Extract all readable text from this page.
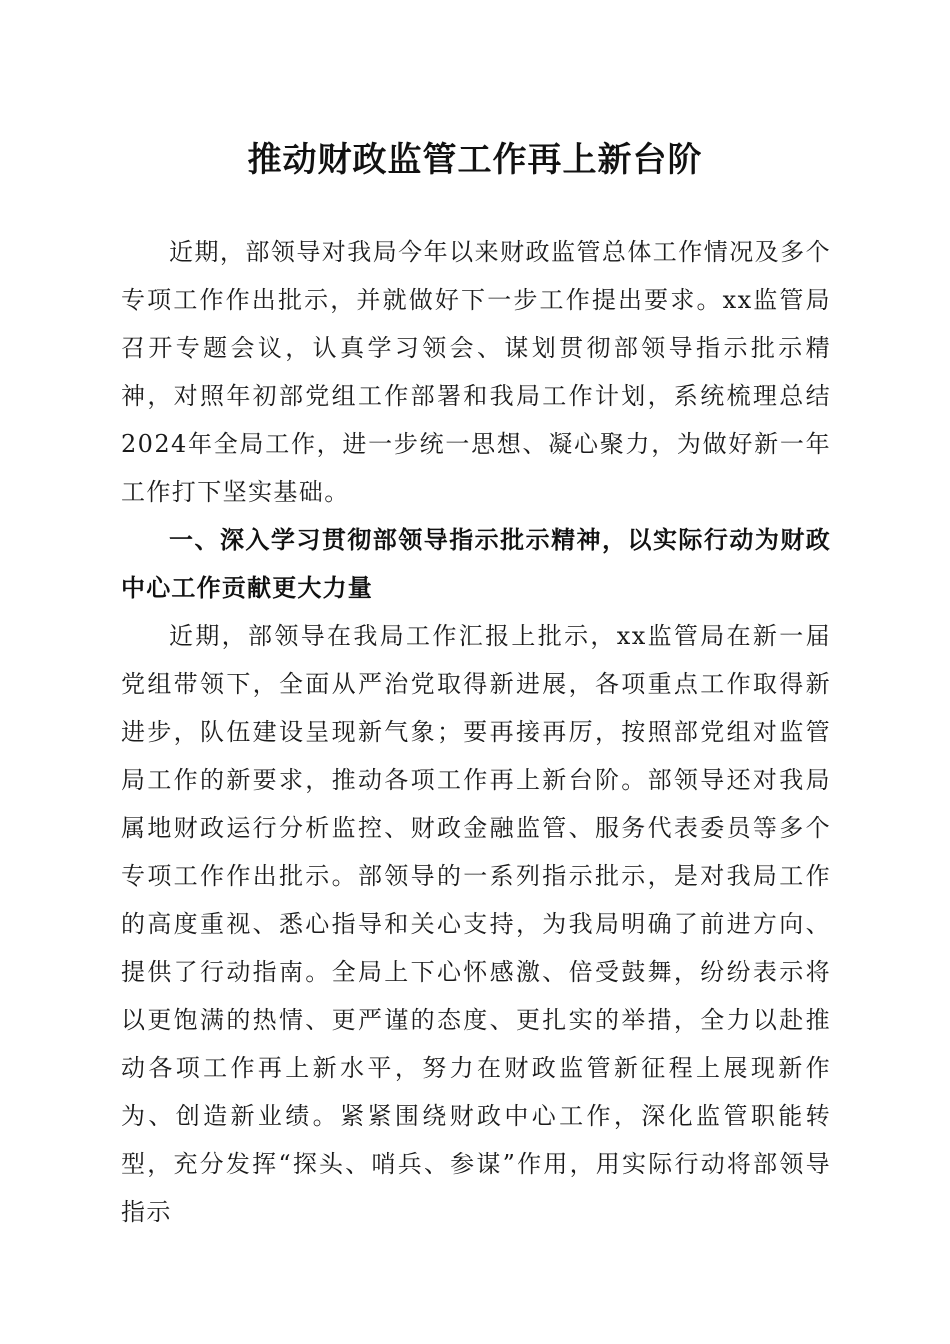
推动财政监管工作再上新台阶

近期，部领导对我局今年以来财政监管总体工作情况及多个专项工作作出批示，并就做好下一步工作提出要求。xx监管局召开专题会议，认真学习领会、谋划贯彻部领导指示批示精神，对照年初部党组工作部署和我局工作计划，系统梳理总结2024年全局工作，进一步统一思想、凝心聚力，为做好新一年工作打下坚实基础。

一、深入学习贯彻部领导指示批示精神，以实际行动为财政中心工作贡献更大力量

近期，部领导在我局工作汇报上批示，xx监管局在新一届党组带领下，全面从严治党取得新进展，各项重点工作取得新进步，队伍建设呈现新气象；要再接再厉，按照部党组对监管局工作的新要求，推动各项工作再上新台阶。部领导还对我局属地财政运行分析监控、财政金融监管、服务代表委员等多个专项工作作出批示。部领导的一系列指示批示，是对我局工作的高度重视、悉心指导和关心支持，为我局明确了前进方向、提供了行动指南。全局上下心怀感激、倍受鼓舞，纷纷表示将以更饱满的热情、更严谨的态度、更扎实的举措，全力以赴推动各项工作再上新水平，努力在财政监管新征程上展现新作为、创造新业绩。紧紧围绕财政中心工作，深化监管职能转型，充分发挥“探头、哨兵、参谋”作用，用实际行动将部领导指示
